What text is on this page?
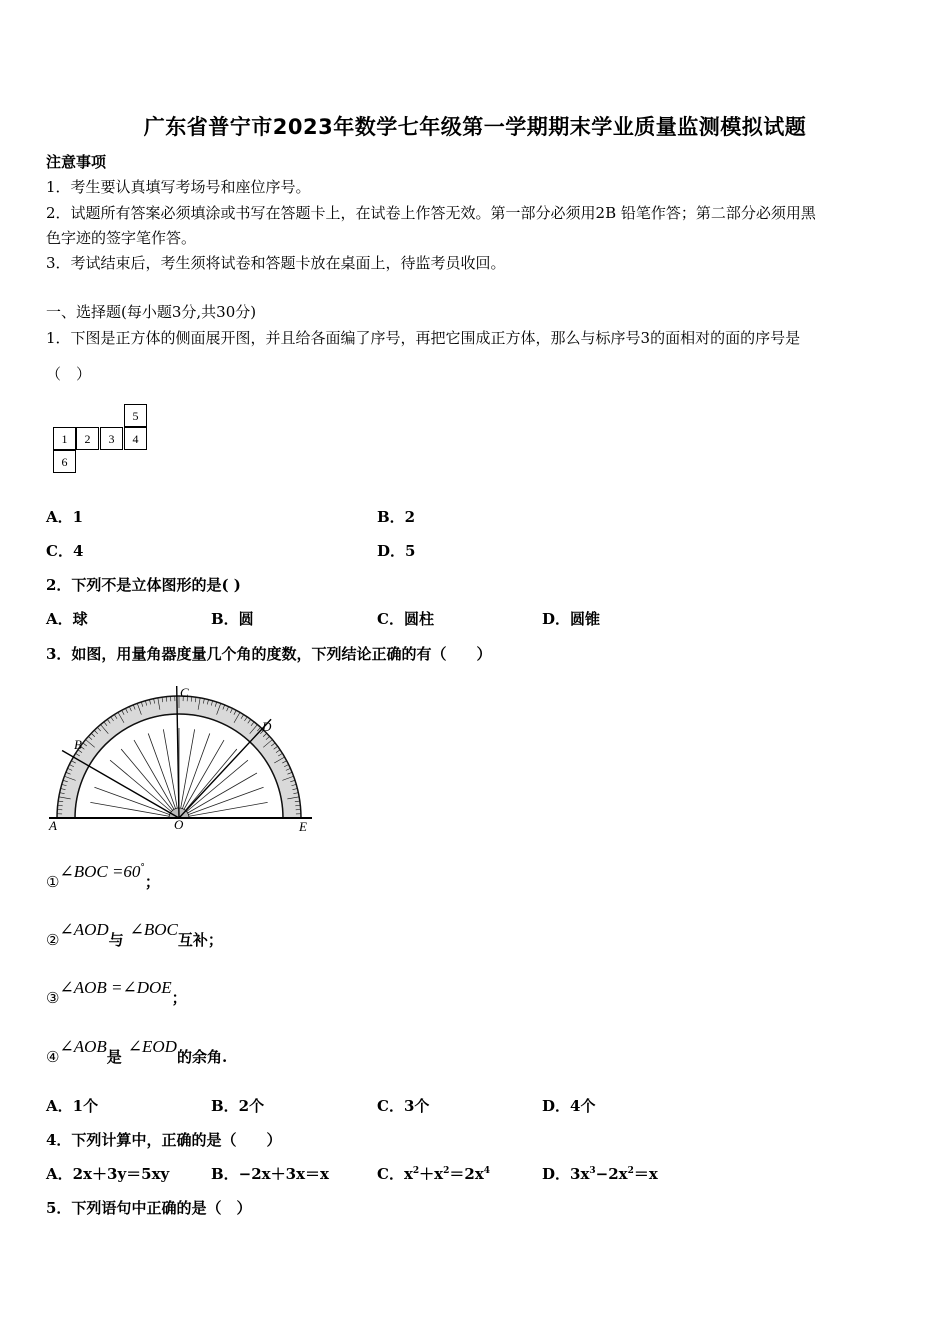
广东省普宁市2023年数学七年级第一学期期末学业质量监测模拟试题
注意事项
1．考生要认真填写考场号和座位序号。
2．试题所有答案必须填涂或书写在答题卡上，在试卷上作答无效。第一部分必须用2B 铅笔作答；第二部分必须用黑
色字迹的签字笔作答。
3．考试结束后，考生须将试卷和答题卡放在桌面上，待监考员收回。
一、选择题(每小题3分,共30分)
1．下图是正方体的侧面展开图，并且给各面编了序号，再把它围成正方体，那么与标序号3的面相对的面的序号是
（　）
5
1	2	3	4
6
A．1	B．2
C．4	D．5
2．下列不是立体图形的是( )
A．球	B．圆	C．圆柱	D．圆锥
3．如图，用量角器度量几个角的度数，下列结论正确的有（　　）
A
B
C
D
E
O
①∠BOC =60°；
②∠AOD与∠BOC互补；
③∠AOB =∠DOE；
④∠AOB是∠EOD的余角.
A．1个	B．2个	C．3个	D．4个
4．下列计算中，正确的是（　　）
A．2x＋3y＝5xy	B．−2x＋3x＝x	C．$x^2+x^2=2x^4$	D．$3x^3-2x^2=x$
5．下列语句中正确的是（　）
